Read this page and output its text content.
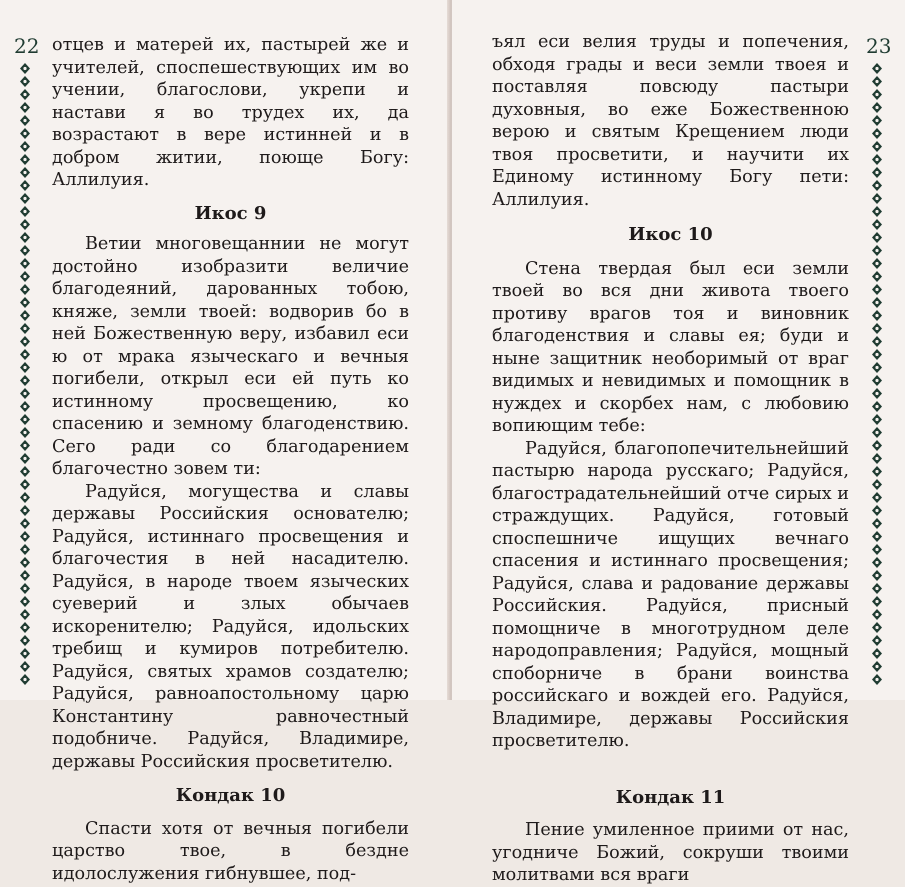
22 отцев и матерей их, пастырей же и учителей, споспешествующих им во учении, благослови, укрепи и настави я во трудех их, да возрастают в вере истинней и в добром житии, поюще Богу: Аллилуия.

Икос 9

Ветии многовещаннии не могут достойно изобразити величие благодеяний, дарованных тобою, княже, земли твоей: водворив бо в ней Божественную веру, избавил еси ю от мрака языческаго и вечныя погибели, открыл еси ей путь ко истинному просвещению, ко спасению и земному благоденствию. Сего ради со благодарением благочестно зовем ти:

Радуйся, могущества и славы державы Российския основателю; Радуйся, истиннаго просвещения и благочестия в ней насадителю. Радуйся, в народе твоем языческих суеверий и злых обычаев искоренителю; Радуйся, идольских требищ и кумиров потребителю. Радуйся, святых храмов создателю; Радуйся, равноапостольному царю Константину равночестный подобниче. Радуйся, Владимире, державы Российския просветителю.

Кондак 10

Спасти хотя от вечныя погибели царство твое, в бездне идолослужения гибнувшее, под-

23

ъял еси велия труды и попечения, обходя грады и веси земли твоея и поставляя повсюду пастыри духовныя, во еже Божественною верою и святым Крещением люди твоя просветити, и научити их Единому истинному Богу пети: Аллилуия.

Икос 10

Стена твердая был еси земли твоей во вся дни живота твоего противу врагов тоя и виновник благоденствия и славы ея; буди и ныне защитник необоримый от враг видимых и невидимых и помощник в нуждех и скорбех нам, с любовию вопиющим тебе:

Радуйся, благопопечительнейший пастырю народа русскаго; Радуйся, благострадательнейший отче сирых и страждущих. Радуйся, готовый споспешниче ищущих вечнаго спасения и истиннаго просвещения; Радуйся, слава и радование державы Российския. Радуйся, присный помощниче в многотрудном деле народоправления; Радуйся, мощный споборниче в брани воинства российскаго и вождей его. Радуйся, Владимире, державы Российския просветителю.

Кондак 11

Пение умиленное приими от нас, угодниче Божий, сокруши твоими молитвами вся враги
